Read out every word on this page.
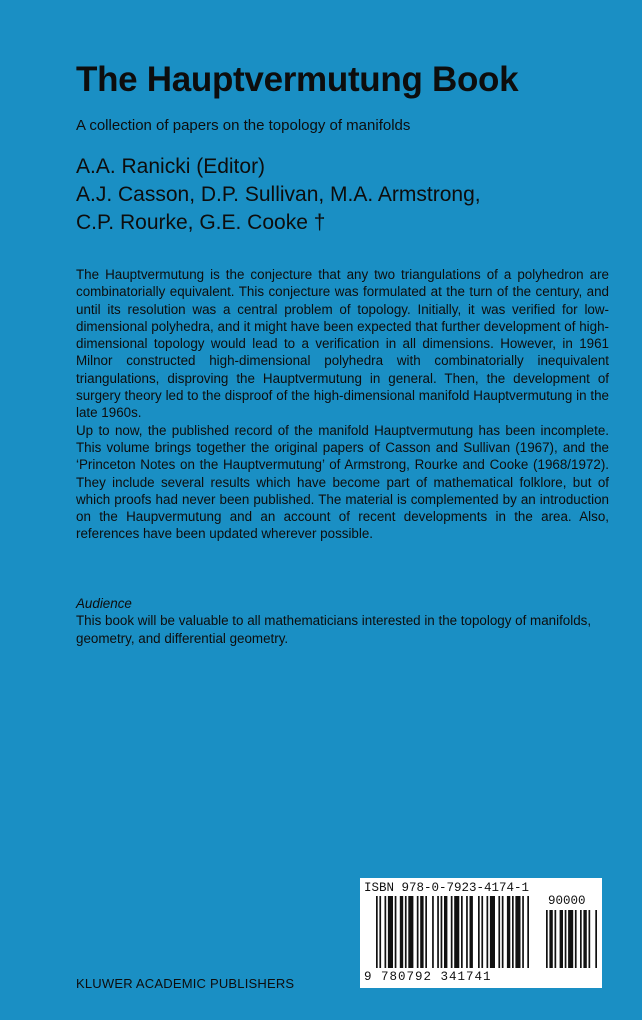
The Hauptvermutung Book
A collection of papers on the topology of manifolds
A.A. Ranicki (Editor)
A.J. Casson, D.P. Sullivan, M.A. Armstrong,
C.P. Rourke, G.E. Cooke †

The Hauptvermutung is the conjecture that any two triangulations of a polyhedron are combinatorially equivalent. This conjecture was formulated at the turn of the century, and until its resolution was a central problem of topology. Initially, it was verified for low-dimensional polyhedra, and it might have been expected that further development of high-dimensional topology would lead to a verification in all dimensions. However, in 1961 Milnor constructed high-dimensional polyhedra with combinatorially inequivalent triangulations, disproving the Hauptvermutung in general. Then, the development of surgery theory led to the disproof of the high-dimensional manifold Hauptvermutung in the late 1960s.

Up to now, the published record of the manifold Hauptvermutung has been incomplete. This volume brings together the original papers of Casson and Sullivan (1967), and the ‘Princeton Notes on the Hauptvermutung’ of Armstrong, Rourke and Cooke (1968/1972). They include several results which have become part of mathematical folklore, but of which proofs had never been published. The material is complemented by an introduction on the Haupvermutung and an account of recent developments in the area. Also, references have been updated wherever possible.

Audience
This book will be valuable to all mathematicians interested in the topology of manifolds, geometry, and differential geometry.
ISBN 978-0-7923-4174-1
9 780792 341741
90000
KLUWER ACADEMIC PUBLISHERS
